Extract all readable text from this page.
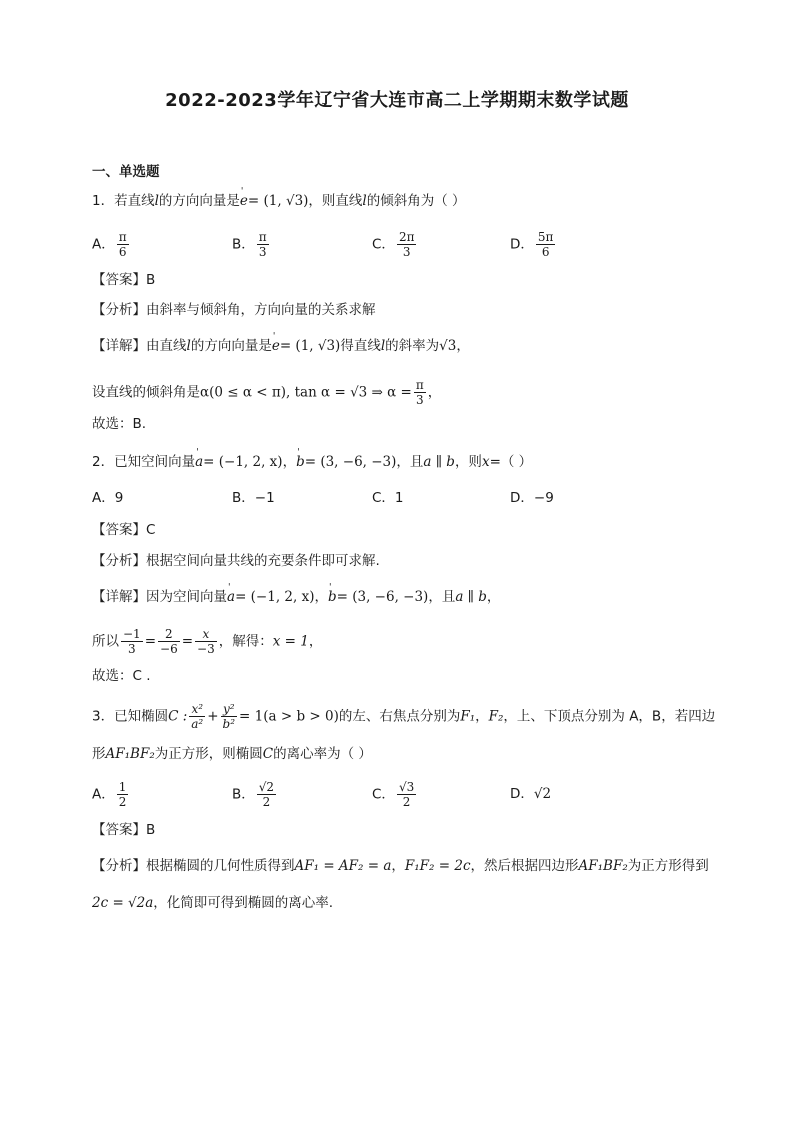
2022-2023学年辽宁省大连市高二上学期期末数学试题
一、单选题
1．若直线l的方向向量是' e= (1, √3)，则直线l的倾斜角为（ ）
A． $\frac{\pi}{6}$	B． $\frac{\pi}{3}$	C． $\frac{2\pi}{3}$	D． $\frac{5\pi}{6}$
【答案】B
【分析】由斜率与倾斜角，方向向量的关系求解
【详解】由直线l的方向向量是' e= (1, √3)得直线l的斜率为√3，
设直线的倾斜角是α(0 ≤ α < π), tan α = √3 ⇒ $\alpha = \frac{\pi}{3}$ ，
故选：B.
2．已知空间向量' a= (−1, 2, x)，' b= (3, −6, −3)，且a ∥ b，则x=（ ）
A．9	B．−1	C．1	D．−9
【答案】C
【分析】根据空间向量共线的充要条件即可求解.
【详解】因为空间向量' a= (−1, 2, x)，' b= (3, −6, −3)，且a ∥ b，
所以 $\frac{-1}{3} = \frac{2}{-6} = \frac{x}{-3}$ ，解得：x = 1，
故选：C .
3．已知椭圆C : $\frac{\text{x²}}{\text{a²}} + \frac{\text{y²}}{\text{b²}} = 1(a > b > 0)$的左、右焦点分别为F₁，F₂，上、下顶点分别为 A，B，若四边
形AF₁BF₂为正方形，则椭圆C的离心率为（ ）
A． $\frac{1}{2}$	B． $\frac{√2}{2}$	C． $\frac{√3}{2}$	D．√2
【答案】B
【分析】根据椭圆的几何性质得到AF₁ = AF₂ = a，F₁F₂ = 2c，然后根据四边形AF₁BF₂为正方形得到
2c = √2a，化简即可得到椭圆的离心率.
